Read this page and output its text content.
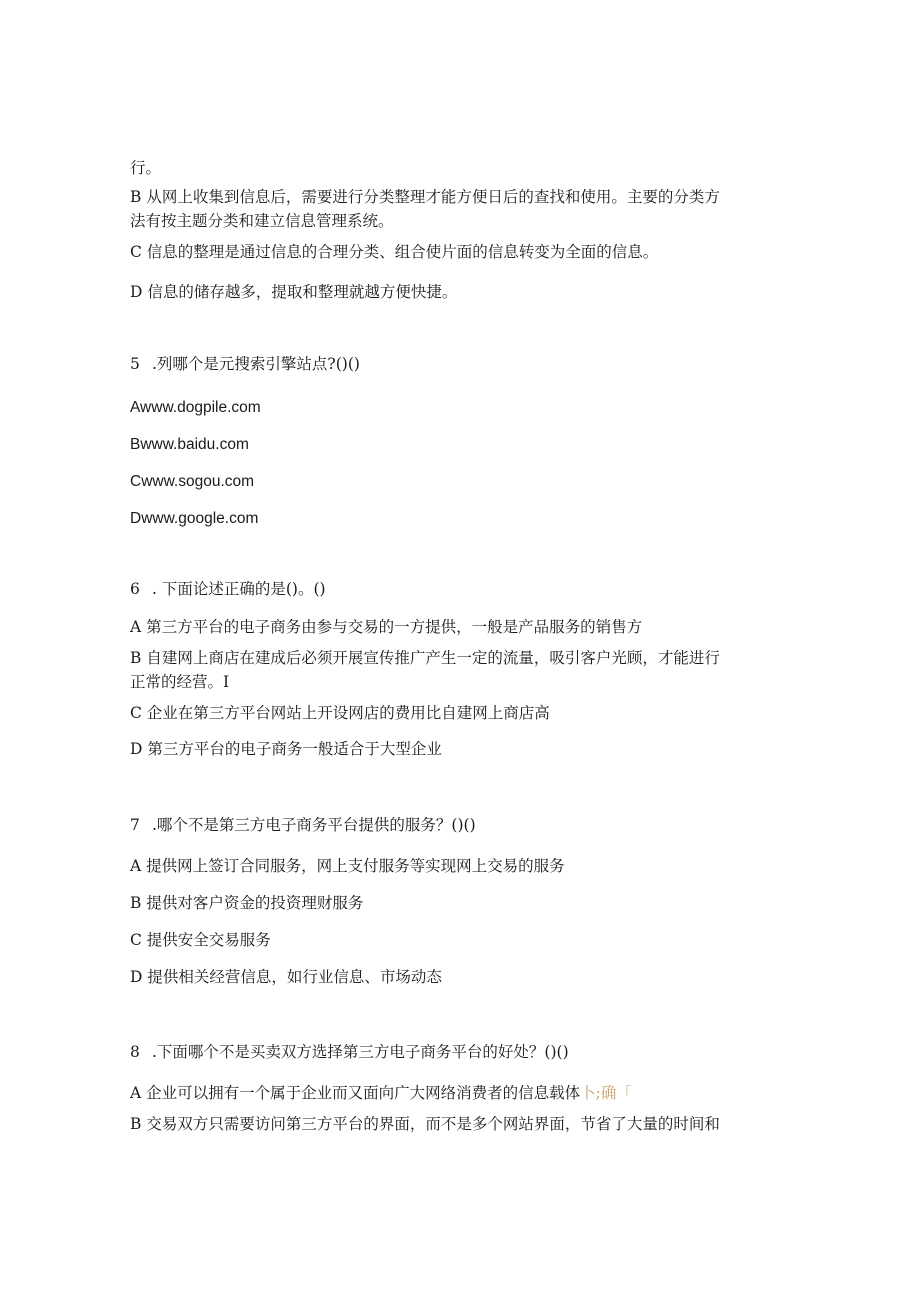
行。
B 从网上收集到信息后，需要进行分类整理才能方便日后的查找和使用。主要的分类方
法有按主题分类和建立信息管理系统。
C 信息的整理是通过信息的合理分类、组合使片面的信息转变为全面的信息。
D 信息的储存越多，提取和整理就越方便快捷。
5 .列哪个是元搜索引擎站点?()()
Awww.dogpile.com
Bwww.baidu.com
Cwww.sogou.com
Dwww.google.com
6 . 下面论述正确的是()。()
A 第三方平台的电子商务由参与交易的一方提供，一般是产品服务的销售方
B 自建网上商店在建成后必须开展宣传推广产生一定的流量，吸引客户光顾，才能进行
正常的经营。I
C 企业在第三方平台网站上开设网店的费用比自建网上商店高
D 第三方平台的电子商务一般适合于大型企业
7 .哪个不是第三方电子商务平台提供的服务？()()
A 提供网上签订合同服务，网上支付服务等实现网上交易的服务
B 提供对客户资金的投资理财服务
C 提供安全交易服务
D 提供相关经营信息，如行业信息、市场动态
8 .下面哪个不是买卖双方选择第三方电子商务平台的好处？()()
A 企业可以拥有一个属于企业而又面向广大网络消费者的信息载体卜;确「
B 交易双方只需要访问第三方平台的界面，而不是多个网站界面，节省了大量的时间和
